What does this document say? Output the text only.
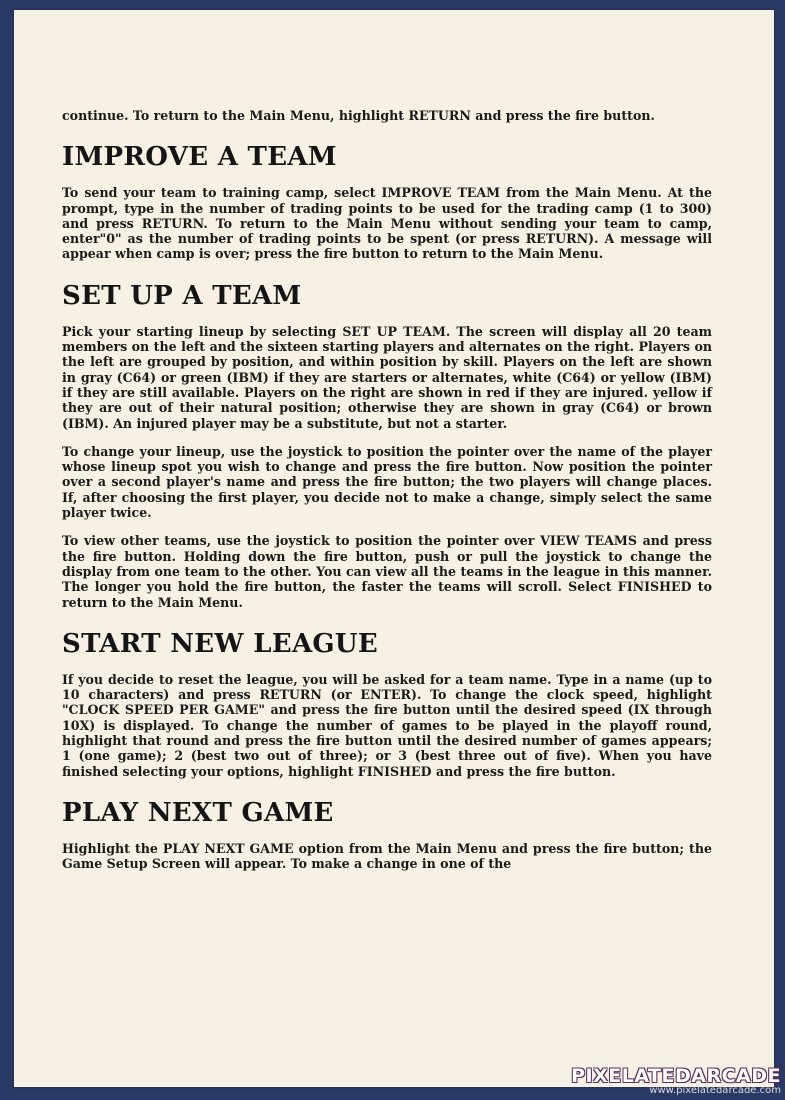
continue. To return to the Main Menu, highlight RETURN and press the fire button.

IMPROVE A TEAM

To send your team to training camp, select IMPROVE TEAM from the Main Menu. At the prompt, type in the number of trading points to be used for the trading camp (1 to 300) and press RETURN. To return to the Main Menu without sending your team to camp, enter"0" as the number of trading points to be spent (or press RETURN). A message will appear when camp is over; press the fire button to return to the Main Menu.

SET UP A TEAM

Pick your starting lineup by selecting SET UP TEAM. The screen will display all 20 team members on the left and the sixteen starting players and alternates on the right. Players on the left are grouped by position, and within position by skill. Players on the left are shown in gray (C64) or green (IBM) if they are starters or alternates, white (C64) or yellow (IBM) if they are still available. Players on the right are shown in red if they are injured. yellow if they are out of their natural position; otherwise they are shown in gray (C64) or brown (IBM). An injured player may be a substitute, but not a starter.

To change your lineup, use the joystick to position the pointer over the name of the player whose lineup spot you wish to change and press the fire button. Now position the pointer over a second player's name and press the fire button; the two players will change places. If, after choosing the first player, you decide not to make a change, simply select the same player twice.

To view other teams, use the joystick to position the pointer over VIEW TEAMS and press the fire button. Holding down the fire button, push or pull the joystick to change the display from one team to the other. You can view all the teams in the league in this manner. The longer you hold the fire button, the faster the teams will scroll. Select FINISHED to return to the Main Menu.

START NEW LEAGUE

If you decide to reset the league, you will be asked for a team name. Type in a name (up to 10 characters) and press RETURN (or ENTER). To change the clock speed, highlight "CLOCK SPEED PER GAME" and press the fire button until the desired speed (IX through 10X) is displayed. To change the number of games to be played in the playoff round, highlight that round and press the fire button until the desired number of games appears; 1 (one game); 2 (best two out of three); or 3 (best three out of five). When you have finished selecting your options, highlight FINISHED and press the fire button.

PLAY NEXT GAME

Highlight the PLAY NEXT GAME option from the Main Menu and press the fire button; the Game Setup Screen will appear. To make a change in one of the

PIXELATEDARCADE
www.pixelatedarcade.com
